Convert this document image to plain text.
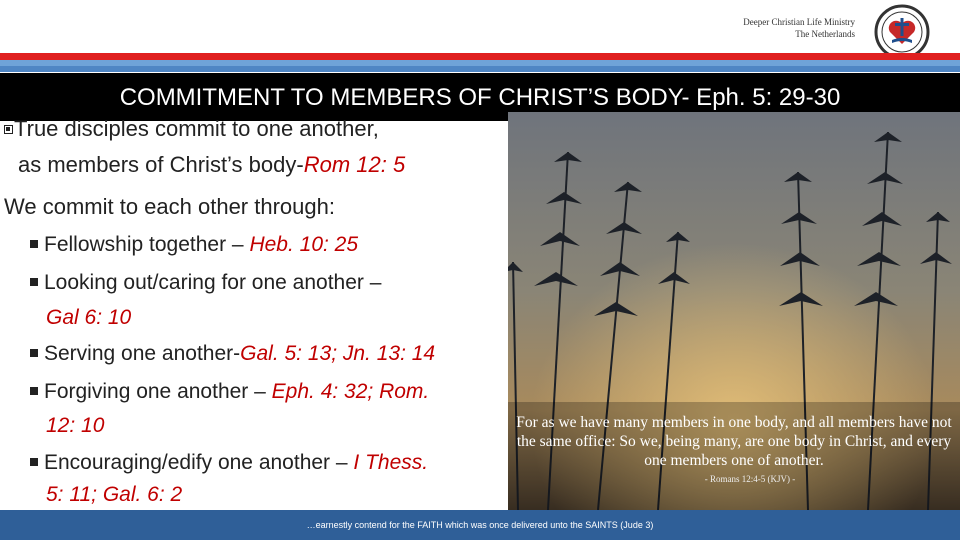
Deeper Christian Life Ministry
The Netherlands
COMMITMENT TO MEMBERS OF CHRIST’S BODY- Eph. 5: 29-30
For as we have many members in one body, and all members have not the same office: So we, being many, are one body in Christ, and every one members one of another.
- Romans 12:4-5 (KJV) -
True disciples commit to one another,
as members of Christ’s body-Rom 12: 5
We commit to each other through:
Fellowship together – Heb. 10: 25
Looking out/caring for one another –
Gal 6: 10
Serving one another-Gal. 5: 13; Jn. 13: 14
Forgiving one another – Eph. 4: 32; Rom.
12: 10
Encouraging/edify one another – I Thess.
5: 11; Gal. 6: 2
…earnestly contend for the FAITH which was once delivered unto the SAINTS (Jude 3)
